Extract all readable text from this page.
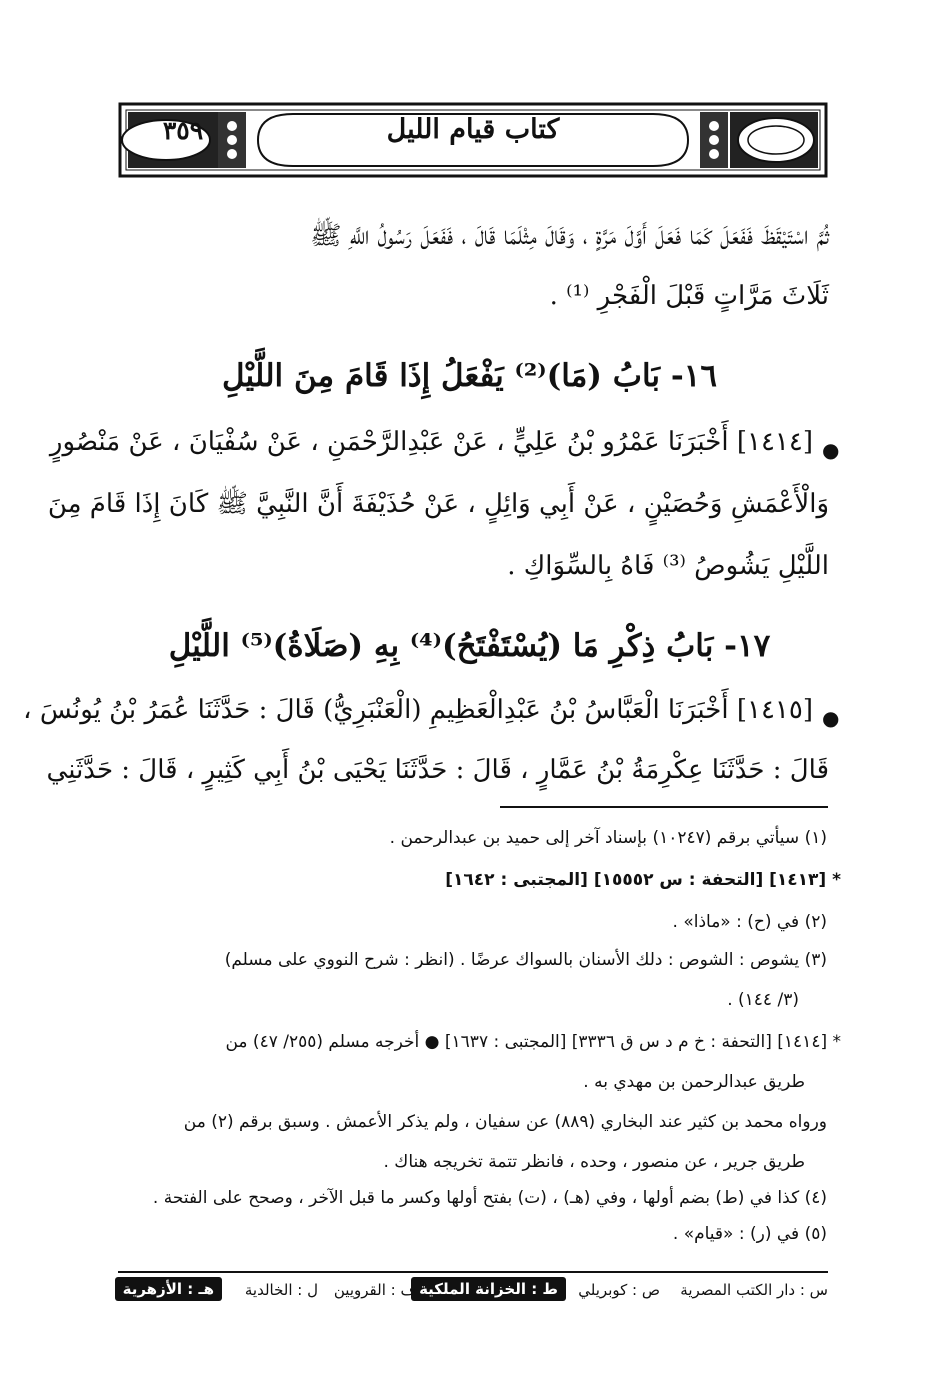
كتاب قيام الليل
٣٥٩
ثُمَّ اسْتَيْقَظَ فَفَعَلَ كَمَا فَعَلَ أَوَّلَ مَرَّةٍ ، وَقَالَ مِثْلَمَا قَالَ ، فَفَعَلَ رَسُولُ اللَّهِ ﷺ
ثَلَاثَ مَرَّاتٍ قَبْلَ الْفَجْرِ ⁽¹⁾ .
١٦- بَابُ (مَا)⁽²⁾ يَفْعَلُ إِذَا قَامَ مِنَ اللَّيْلِ
●
[١٤١٤] أَخْبَرَنَا عَمْرُو بْنُ عَلِيٍّ ، عَنْ عَبْدِالرَّحْمَنِ ، عَنْ سُفْيَانَ ، عَنْ مَنْصُورٍ
وَالْأَعْمَشِ وَحُصَيْنٍ ، عَنْ أَبِي وَائِلٍ ، عَنْ حُذَيْفَةَ أَنَّ النَّبِيَّ ﷺ كَانَ إِذَا قَامَ مِنَ
اللَّيْلِ يَشُوصُ ⁽³⁾ فَاهُ بِالسِّوَاكِ .
١٧- بَابُ ذِكْرِ مَا (يُسْتَفْتَحُ)⁽⁴⁾ بِهِ (صَلَاةُ)⁽⁵⁾ اللَّيْلِ
●
[١٤١٥] أَخْبَرَنَا الْعَبَّاسُ بْنُ عَبْدِالْعَظِيمِ (الْعَنْبَرِيُّ) قَالَ : حَدَّثَنَا عُمَرُ بْنُ يُونُسَ ،
قَالَ : حَدَّثَنَا عِكْرِمَةُ بْنُ عَمَّارٍ ، قَالَ : حَدَّثَنَا يَحْيَى بْنُ أَبِي كَثِيرٍ ، قَالَ : حَدَّثَنِي
(١) سيأتي برقم (١٠٢٤٧) بإسناد آخر إلى حميد بن عبدالرحمن .
* [١٤١٣] [التحفة : س ١٥٥٥٢] [المجتبى : ١٦٤٢]
(٢) في (ح) : «ماذا» .
(٣) يشوص : الشوص : دلك الأسنان بالسواك عرضًا . (انظر : شرح النووي على مسلم)
(٣/ ١٤٤) .
* [١٤١٤] [التحفة : خ م د س ق ٣٣٣٦] [المجتبى : ١٦٣٧] ● أخرجه مسلم (٢٥٥/ ٤٧) من
طريق عبدالرحمن بن مهدي به .
ورواه محمد بن كثير عند البخاري (٨٨٩) عن سفيان ، ولم يذكر الأعمش . وسبق برقم (٢) من
طريق جرير ، عن منصور ، وحده ، فانظر تتمة تخريجه هناك .
(٤) كذا في (ط) بضم أولها ، وفي (هـ) ، (ت) بفتح أولها وكسر ما قبل الآخر ، وصحح على الفتحة .
(٥) في (ر) : «قيام» .
س : دار الكتب المصرية
ص : كوبريلي
ط : الخزانة الملكية
ف : القرويين
ل : الخالدية
هـ : الأزهرية
